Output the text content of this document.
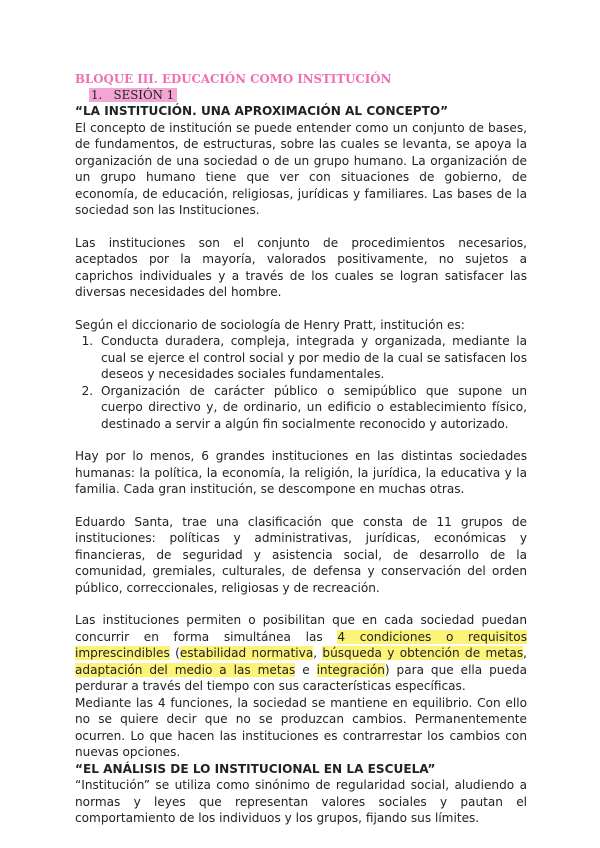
BLOQUE III. EDUCACIÓN COMO INSTITUCIÓN

1.   SESIÓN 1

“LA INSTITUCIÓN. UNA APROXIMACIÓN AL CONCEPTO”

El concepto de institución se puede entender como un conjunto de bases, de fundamentos, de estructuras, sobre las cuales se levanta, se apoya la organización de una sociedad o de un grupo humano. La organización de un grupo humano tiene que ver con situaciones de gobierno, de economía, de educación, religiosas, jurídicas y familiares. Las bases de la sociedad son las Instituciones.

Las instituciones son el conjunto de procedimientos necesarios, aceptados por la mayoría, valorados positivamente, no sujetos a caprichos individuales y a través de los cuales se logran satisfacer las diversas necesidades del hombre.

Según el diccionario de sociología de Henry Pratt, institución es:

1. Conducta duradera, compleja, integrada y organizada, mediante la cual se ejerce el control social y por medio de la cual se satisfacen los deseos y necesidades sociales fundamentales.
2. Organización de carácter público o semipúblico que supone un cuerpo directivo y, de ordinario, un edificio o establecimiento físico, destinado a servir a algún fin socialmente reconocido y autorizado.

Hay por lo menos, 6 grandes instituciones en las distintas sociedades humanas: la política, la economía, la religión, la jurídica, la educativa y la familia. Cada gran institución, se descompone en muchas otras.

Eduardo Santa, trae una clasificación que consta de 11 grupos de instituciones: políticas y administrativas, jurídicas, económicas y financieras, de seguridad y asistencia social, de desarrollo de la comunidad, gremiales, culturales, de defensa y conservación del orden público, correccionales, religiosas y de recreación.

Las instituciones permiten o posibilitan que en cada sociedad puedan concurrir en forma simultánea las 4 condiciones o requisitos imprescindibles (estabilidad normativa, búsqueda y obtención de metas, adaptación del medio a las metas e integración) para que ella pueda perdurar a través del tiempo con sus características específicas.

Mediante las 4 funciones, la sociedad se mantiene en equilibrio. Con ello no se quiere decir que no se produzcan cambios. Permanentemente ocurren. Lo que hacen las instituciones es contrarrestar los cambios con nuevas opciones.

“EL ANÁLISIS DE LO INSTITUCIONAL EN LA ESCUELA”

“Institución” se utiliza como sinónimo de regularidad social, aludiendo a normas y leyes que representan valores sociales y pautan el comportamiento de los individuos y los grupos, fijando sus límites.
